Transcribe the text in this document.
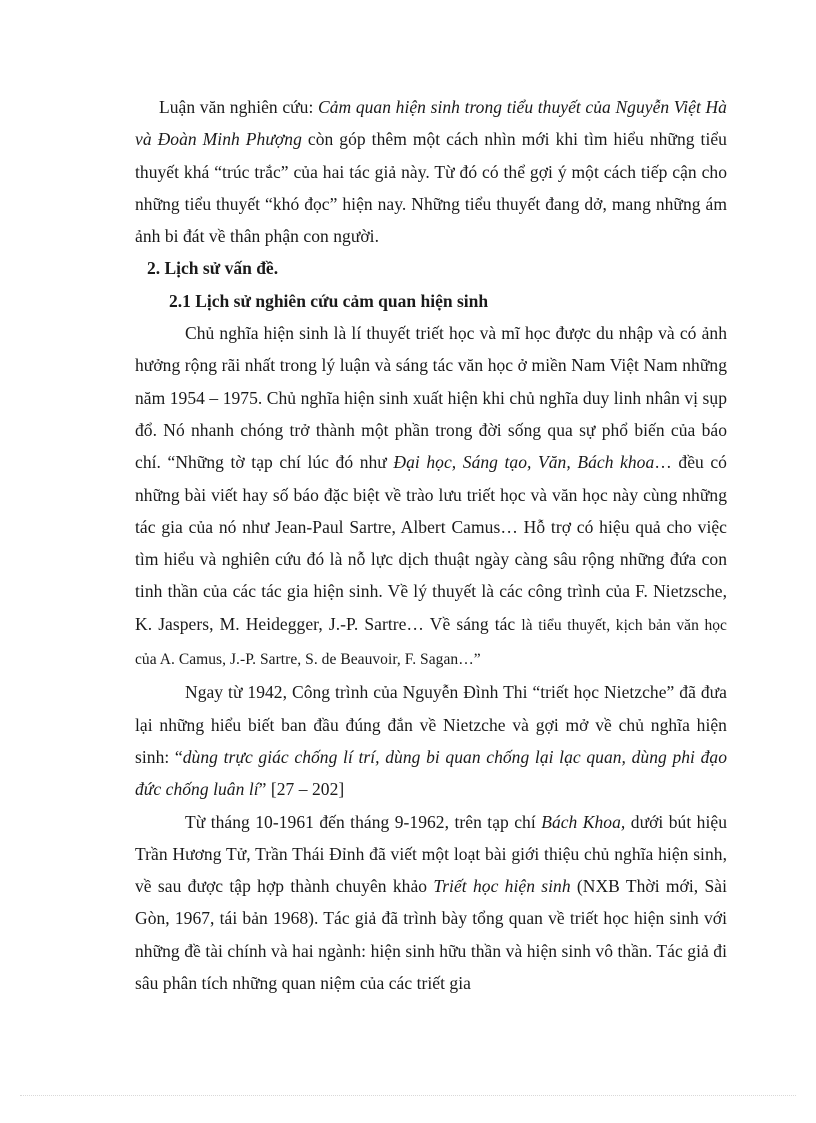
Luận văn nghiên cứu: Cảm quan hiện sinh trong tiểu thuyết của Nguyễn Việt Hà và Đoàn Minh Phượng còn góp thêm một cách nhìn mới khi tìm hiểu những tiểu thuyết khá “trúc trắc” của hai tác giả này. Từ đó có thể gợi ý một cách tiếp cận cho những tiểu thuyết “khó đọc” hiện nay. Những tiểu thuyết đang dở, mang những ám ảnh bi đát về thân phận con người.

2. Lịch sử vấn đề.

2.1 Lịch sử nghiên cứu cảm quan hiện sinh

Chủ nghĩa hiện sinh là lí thuyết triết học và mĩ học được du nhập và có ảnh hưởng rộng rãi nhất trong lý luận và sáng tác văn học ở miền Nam Việt Nam những năm 1954 – 1975. Chủ nghĩa hiện sinh xuất hiện khi chủ nghĩa duy linh nhân vị sụp đổ. Nó nhanh chóng trở thành một phần trong đời sống qua sự phổ biến của báo chí. “Những tờ tạp chí lúc đó như Đại học, Sáng tạo, Văn, Bách khoa… đều có những bài viết hay số báo đặc biệt về trào lưu triết học và văn học này cùng những tác gia của nó như Jean-Paul Sartre, Albert Camus… Hỗ trợ có hiệu quả cho việc tìm hiểu và nghiên cứu đó là nỗ lực dịch thuật ngày càng sâu rộng những đứa con tinh thần của các tác gia hiện sinh. Về lý thuyết là các công trình của F. Nietzsche, K. Jaspers, M. Heidegger, J.-P. Sartre… Về sáng tác là tiểu thuyết, kịch bản văn học của A. Camus, J.-P. Sartre, S. de Beauvoir, F. Sagan…”

Ngay từ 1942, Công trình của Nguyễn Đình Thi “triết học Nietzche” đã đưa lại những hiểu biết ban đầu đúng đắn về Nietzche và gợi mở về chủ nghĩa hiện sinh: “dùng trực giác chống lí trí, dùng bi quan chống lại lạc quan, dùng phi đạo đức chống luân lí” [27 – 202]

Từ tháng 10-1961 đến tháng 9-1962, trên tạp chí Bách Khoa, dưới bút hiệu Trần Hương Tử, Trần Thái Đỉnh đã viết một loạt bài giới thiệu chủ nghĩa hiện sinh, về sau được tập hợp thành chuyên khảo Triết học hiện sinh (NXB Thời mới, Sài Gòn, 1967, tái bản 1968). Tác giả đã trình bày tổng quan về triết học hiện sinh với những đề tài chính và hai ngành: hiện sinh hữu thần và hiện sinh vô thần. Tác giả đi sâu phân tích những quan niệm của các triết gia
